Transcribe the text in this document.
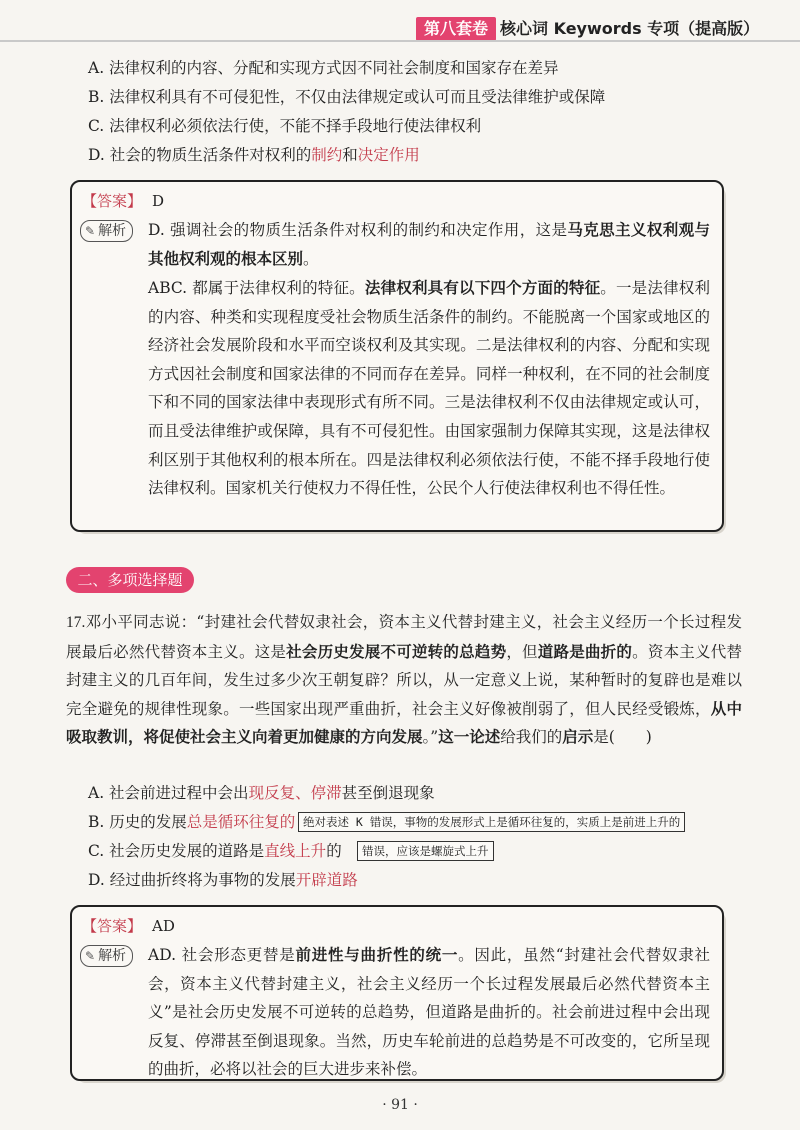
第八套卷 核心词 Keywords 专项（提高版）
A. 法律权利的内容、分配和实现方式因不同社会制度和国家存在差异
B. 法律权利具有不可侵犯性，不仅由法律规定或认可而且受法律维护或保障
C. 法律权利必须依法行使，不能不择手段地行使法律权利
D. 社会的物质生活条件对权利的制约和决定作用
【答案】 D
✎ 解析	D. 强调社会的物质生活条件对权利的制约和决定作用，这是马克思主义权利观与其他权利观的根本区别。
ABC. 都属于法律权利的特征。法律权利具有以下四个方面的特征。一是法律权利的内容、种类和实现程度受社会物质生活条件的制约。不能脱离一个国家或地区的经济社会发展阶段和水平而空谈权利及其实现。二是法律权利的内容、分配和实现方式因社会制度和国家法律的不同而存在差异。同样一种权利，在不同的社会制度下和不同的国家法律中表现形式有所不同。三是法律权利不仅由法律规定或认可，而且受法律维护或保障，具有不可侵犯性。由国家强制力保障其实现，这是法律权利区别于其他权利的根本所在。四是法律权利必须依法行使，不能不择手段地行使法律权利。国家机关行使权力不得任性，公民个人行使法律权利也不得任性。
二、多项选择题
17.邓小平同志说：“封建社会代替奴隶社会，资本主义代替封建主义，社会主义经历一个长过程发展最后必然代替资本主义。这是社会历史发展不可逆转的总趋势，但道路是曲折的。资本主义代替封建主义的几百年间，发生过多少次王朝复辟？所以，从一定意义上说，某种暂时的复辟也是难以完全避免的规律性现象。一些国家出现严重曲折，社会主义好像被削弱了，但人民经受锻炼，从中吸取教训，将促使社会主义向着更加健康的方向发展。”这一论述给我们的启示是(　　)
A. 社会前进过程中会出现反复、停滞甚至倒退现象
B. 历史的发展总是循环往复的 绝对表述 K 错误，事物的发展形式上是循环往复的，实质上是前进上升的
C. 社会历史发展的道路是直线上升的	错误，应该是螺旋式上升
D. 经过曲折终将为事物的发展开辟道路
【答案】 AD
✎ 解析	AD. 社会形态更替是前进性与曲折性的统一。因此，虽然“封建社会代替奴隶社会，资本主义代替封建主义，社会主义经历一个长过程发展最后必然代替资本主义”是社会历史发展不可逆转的总趋势，但道路是曲折的。社会前进过程中会出现反复、停滞甚至倒退现象。当然，历史车轮前进的总趋势是不可改变的，它所呈现的曲折，必将以社会的巨大进步来补偿。
· 91 ·
